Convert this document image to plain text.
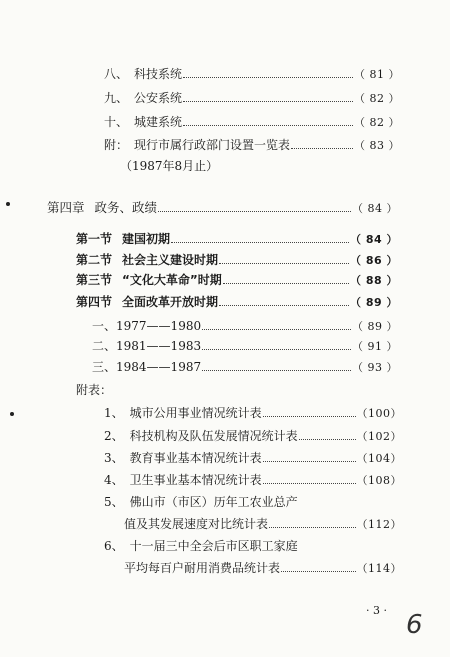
八、 科技系统	（ 81 ）
九、 公安系统	（ 82 ）
十、 城建系统	（ 82 ）
附： 现行市属行政部门设置一览表	（ 83 ）
（1987年8月止）
第四章 政务、政绩	（ 84 ）
第一节 建国初期	（ 84 ）
第二节 社会主义建设时期	（ 86 ）
第三节 “文化大革命”时期	（ 88 ）
第四节 全面改革开放时期	（ 89 ）
一、 1977——1980	（ 89 ）
二、 1981——1983	（ 91 ）
三、 1984——1987	（ 93 ）
附表：
1、 城市公用事业情况统计表	（100）
2、 科技机构及队伍发展情况统计表	（102）
3、 教育事业基本情况统计表	（104）
4、 卫生事业基本情况统计表	（108）
5、 佛山市（市区）历年工农业总产
值及其发展速度对比统计表	（112）
6、 十一届三中全会后市区职工家庭
平均每百户耐用消费品统计表	（114）
· 3 · 6
